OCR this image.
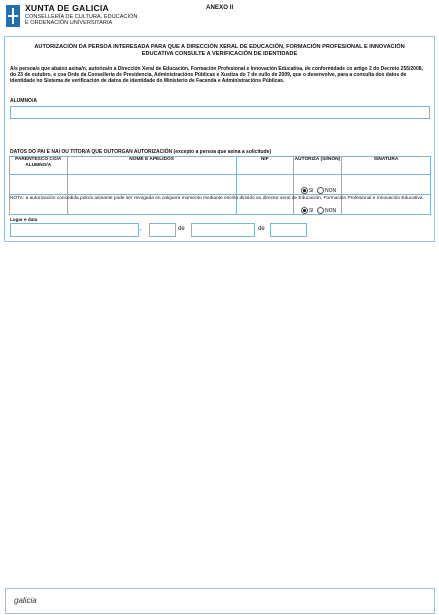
XUNTA DE GALICIA
CONSELLERÍA DE CULTURA, EDUCACIÓN
E ORDENACIÓN UNIVERSITARIA
ANEXO II
AUTORIZACIÓN DA PERSOA INTERESADA PARA QUE A DIRECCIÓN XERAL DE EDUCACIÓN, FORMACIÓN PROFESIONAL E INNOVACIÓN EDUCATIVA CONSULTE A VERIFICACIÓN DE IDENTIDADE
A/s persoa/s que abaixo asina/n, autoriza/n a Dirección Xeral de Educación, Formación Profesional e Innovación Educativa, de conformidade co artigo 2 do Decreto 255/2008, do 23 de outubro, e coa Orde da Consellería de Presidencia, Administracións Públicas e Xustiza do 7 de xullo de 2009, que o desenvolve, para a consulta dos datos de identidade no Sistema de verificación de datos de identidade do Ministerio de Facenda e Administracións Públicas.
ALUMNO/A
DATOS DO PAI E NAI OU TITOR/A QUE OUTORGAN AUTORIZACIÓN (excepto a persoa que asina a solicitude)
PARENTESCO CO/A ALUMNO/A	NOME E APELIDOS	NIF	AUTORIZA (SI/NON)	SINATURA
			SI NON	
			SI NON	
NOTA: a autorización concedida polo/a asinante pode ser revogada en calquera momento mediante escrito dirixido ao director xeral de Educación, Formación Profesional e Innovación Educativa.
Lugar e data
,	de	de
galicia
